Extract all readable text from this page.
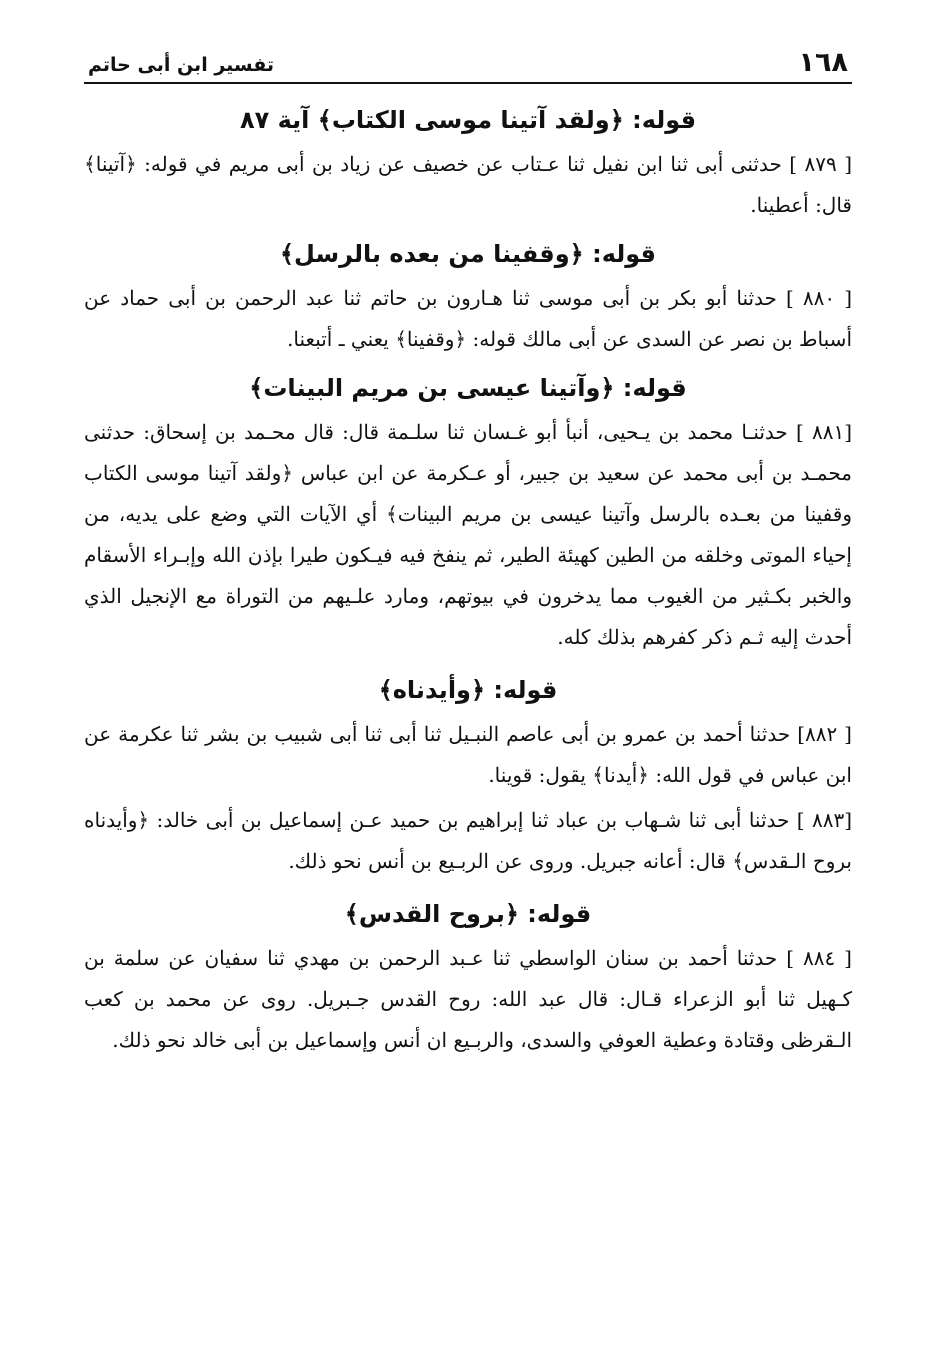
١٦٨
تفسير ابن أبى حاتم
قوله: ﴿ولقد آتينا موسى الكتاب﴾ آية ٨٧

[ ٨٧٩ ] حدثنى أبى ثنا ابن نفيل ثنا عـتاب عن خصيف عن زياد بن أبى مريم في قوله: ﴿آتينا﴾ قال: أعطينا.

قوله: ﴿وقفينا من بعده بالرسل﴾

[ ٨٨٠ ] حدثنا أبو بكر بن أبى موسى ثنا هـارون بن حاتم ثنا عبد الرحمن بن أبى حماد عن أسباط بن نصر عن السدى عن أبى مالك قوله: ﴿وقفينا﴾ يعني ـ أتبعنا.

قوله: ﴿وآتينا عيسى بن مريم البينات﴾

[٨٨١ ] حدثنـا محمد بن يـحيى، أنبأ أبو غـسان ثنا سلـمة قال: قال محـمد بن إسحاق: حدثنى محمـد بن أبى محمد عن سعيد بن جبير، أو عـكرمة عن ابن عباس ﴿ولقد آتينا موسى الكتاب وقفينا من بعـده بالرسل وآتينا عيسى بن مريم البينات﴾ أي الآيات التي وضع على يديه، من إحياء الموتى وخلقه من الطين كهيئة الطير، ثم ينفخ فيه فيـكون طيرا بإذن الله وإبـراء الأسقام والخبر بكـثير من الغيوب مما يدخرون في بيوتهم، ومارد علـيهم من التوراة مع الإنجيل الذي أحدث إليه ثـم ذكر كفرهم بذلك كله.

قوله: ﴿وأيدناه﴾

[ ٨٨٢] حدثنا أحمد بن عمرو بن أبى عاصم النبـيل ثنا أبى ثنا أبى شبيب بن بشر ثنا عكرمة عن ابن عباس في قول الله: ﴿أيدنا﴾ يقول: قوينا.

[٨٨٣ ] حدثنا أبى ثنا شـهاب بن عباد ثنا إبراهيم بن حميد عـن إسماعيل بن أبى خالد: ﴿وأيدناه بروح الـقدس﴾ قال: أعانه جبريل. وروى عن الربـيع بن أنس نحو ذلك.

قوله: ﴿بروح القدس﴾

[ ٨٨٤ ] حدثنا أحمد بن سنان الواسطي ثنا عـبد الرحمن بن مهدي ثنا سفيان عن سلمة بن كـهيل ثنا أبو الزعراء قـال: قال عبد الله: روح القدس جـبريل. روى عن محمد بن كعب الـقرظى وقتادة وعطية العوفي والسدى، والربـيع ان أنس وإسماعيل بن أبى خالد نحو ذلك.
